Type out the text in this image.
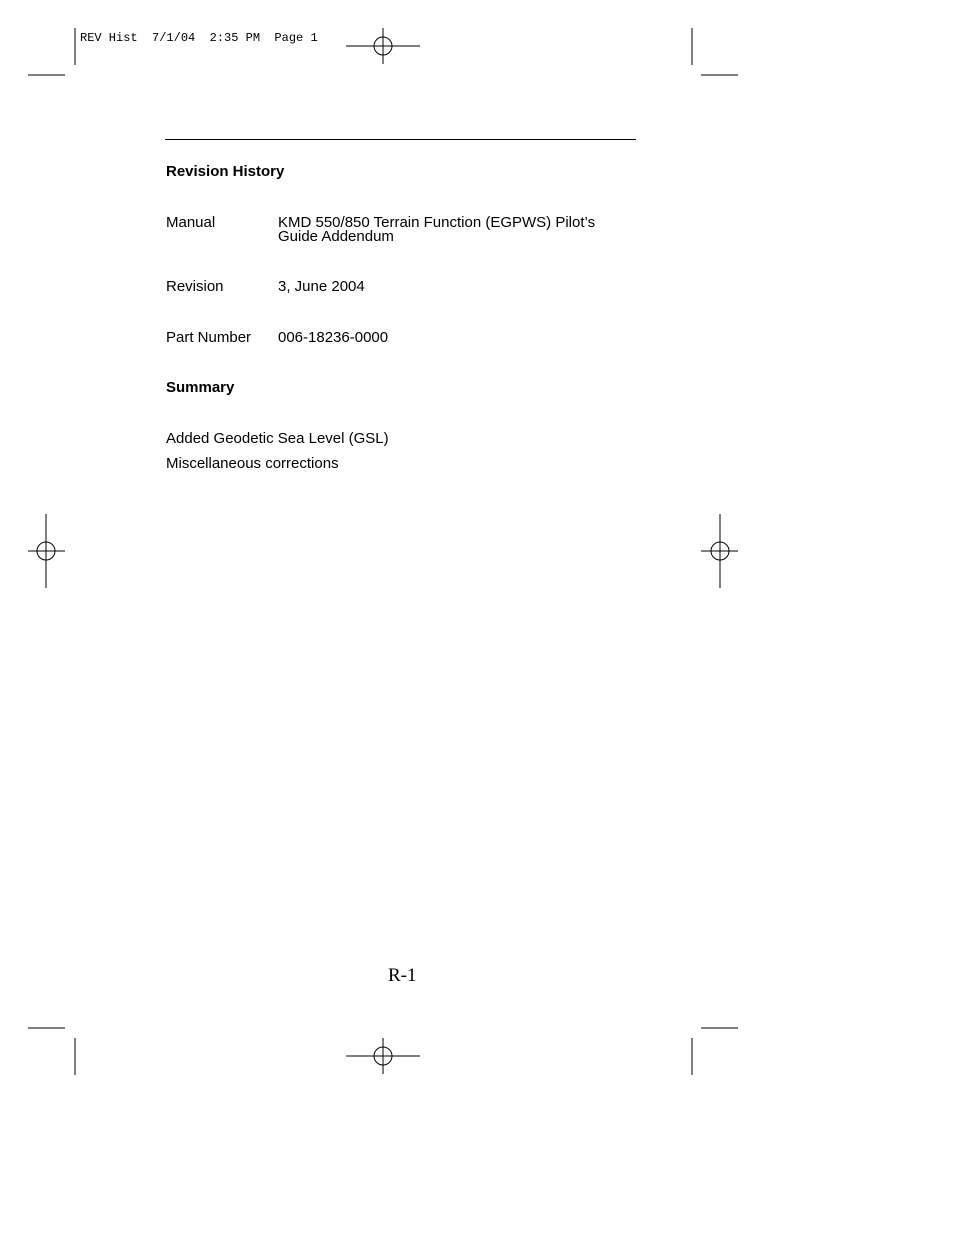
REV Hist  7/1/04  2:35 PM  Page 1
Revision History
Manual	KMD 550/850 Terrain Function (EGPWS) Pilot’s
Guide Addendum
Revision	3, June 2004
Part Number 006-18236-0000
Summary
Added Geodetic Sea Level (GSL)
Miscellaneous corrections
R-1
